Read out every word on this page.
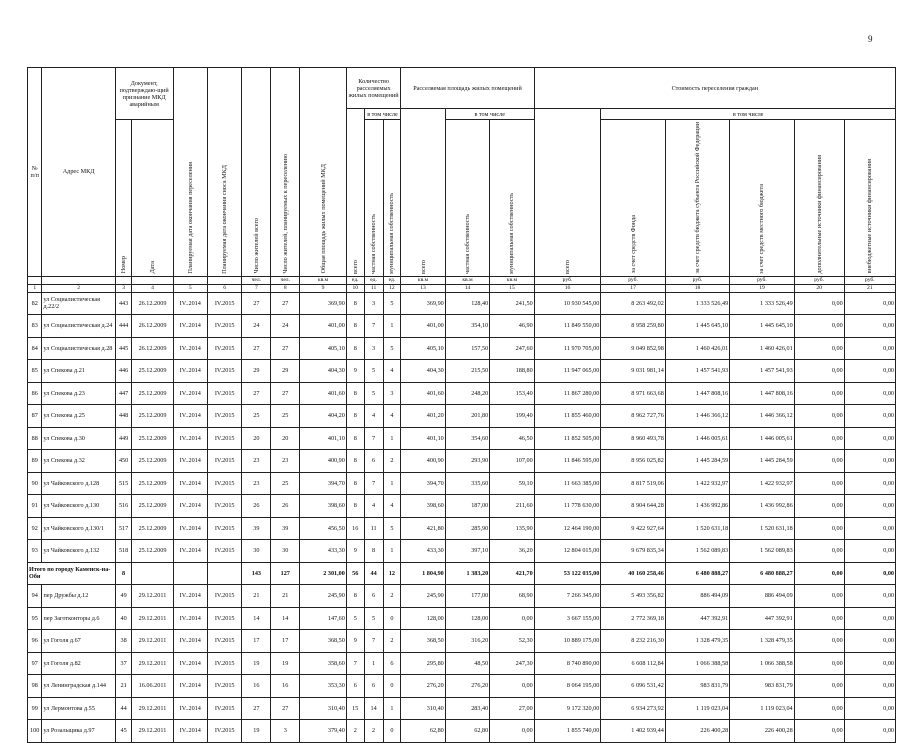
9
№ п/п	Адрес МКД	Документ, подтверждаю-щий признание МКД аварийным		Планируемая дата окончания переселения	Планируемая дата окончания сноса МКД	Число жителей всего	Число жителей, планируемых к переселению	Общая площадь жилых помещений МКД	Количество расселяемых жилых помещений			Расселяемая площадь жилых помещений			Стоимость переселения граждан					

									всего	в том числе		всего	в том числе		всего	в том числе				

		Номер	Дата							частная собственность	муниципальная собственность		частная собственность	муниципальная собственность		за счет средств Фонда	за счет средств бюджета субъекта Российской Федерации	за счет средств местного бюджета	дополнительные источники финансирования	внебюджетные источники финансирования

						чел.	чел.	кв.м	ед.	ед.	ед.	кв.м	кв.м	кв.м	руб.	руб.	руб.	руб.	руб.	руб.
1	2	3	4	5	6	7	8	9	10	11	12	13	14	15	16	17	18	19	20	21
82	ул Социалистическая д.22/2	443	26.12.2009	IV..2014	IV.2015	27	27	369,90	8	3	5	369,90	128,40	241,50	10 930 545,00	8 263 492,02	1 333 526,49	1 333 526,49	0,00	0,00
83	ул Социалистическая д.24	444	26.12.2009	IV..2014	IV.2015	24	24	401,00	8	7	1	401,00	354,10	46,90	11 849 550,00	8 958 259,80	1 445 645,10	1 445 645,10	0,00	0,00
84	ул Социалистическая д.28	445	26.12.2009	IV..2014	IV.2015	27	27	405,10	8	3	5	405,10	157,50	247,60	11 970 705,00	9 049 852,98	1 460 426,01	1 460 426,01	0,00	0,00
85	ул Спекова д.21	446	25.12.2009	IV..2014	IV.2015	29	29	404,30	9	5	4	404,30	215,50	188,80	11 947 065,00	9 031 981,14	1 457 541,93	1 457 541,93	0,00	0,00
86	ул Спекова д.23	447	25.12.2009	IV..2014	IV.2015	27	27	401,60	8	5	3	401,60	248,20	153,40	11 867 280,00	8 971 663,68	1 447 808,16	1 447 808,16	0,00	0,00
87	ул Спекова д.25	448	25.12.2009	IV..2014	IV.2015	25	25	404,20	8	4	4	401,20	201,80	199,40	11 855 460,00	8 962 727,76	1 446 366,12	1 446 366,12	0,00	0,00
88	ул Спекова д.30	449	25.12.2009	IV..2014	IV.2015	20	20	401,10	8	7	1	401,10	354,60	46,50	11 852 505,00	8 960 493,78	1 446 005,61	1 446 005,61	0,00	0,00
89	ул Спекова д.32	450	25.12.2009	IV..2014	IV.2015	23	23	400,90	8	6	2	400,90	293,90	107,00	11 846 595,00	8 956 025,82	1 445 284,59	1 445 284,59	0,00	0,00
90	ул Чайковского д.128	515	25.12.2009	IV..2014	IV.2015	23	25	394,70	8	7	1	394,70	335,60	59,10	11 663 385,00	8 817 519,06	1 422 932,97	1 422 932,97	0,00	0,00
91	ул Чайковского д.130	516	25.12.2009	IV..2014	IV.2015	26	26	398,60	8	4	4	398,60	187,00	211,60	11 778 630,00	8 904 644,28	1 436 992,86	1 436 992,86	0,00	0,00
92	ул Чайковского д.130/1	517	25.12.2009	IV..2014	IV.2015	39	39	456,50	16	11	5	421,80	285,90	135,90	12 464 190,00	9 422 927,64	1 520 631,18	1 520 631,18	0,00	0,00
93	ул Чайковского д.132	518	25.12.2009	IV..2014	IV.2015	30	30	433,30	9	8	1	433,30	397,10	36,20	12 804 015,00	9 679 835,34	1 562 089,83	1 562 089,83	0,00	0,00
Итого по городу Каменск-на-Оби		8				143	127	2 301,00	56	44	12	1 804,90	1 383,20	421,70	53 122 035,00	40 160 258,46	6 480 888,27	6 480 888,27	0,00	0,00
94	пер Дружбы д.12	49	29.12.2011	IV..2014	IV.2015	21	21	245,90	8	6	2	245,90	177,00	68,90	7 266 345,00	5 493 356,82	886 494,09	886 494,09	0,00	0,00
95	пер Заготконторы д.6	40	29.12.2011	IV..2014	IV.2015	14	14	147,60	5	5	0	128,00	128,00	0,00	3 667 155,00	2 772 369,18	447 392,91	447 392,91	0,00	0,00
96	ул Гоголя д.67	38	29.12.2011	IV..2014	IV.2015	17	17	368,50	9	7	2	368,50	316,20	52,30	10 889 175,00	8 232 216,30	1 328 479,35	1 328 479,35	0,00	0,00
97	ул Гоголя д.82	37	29.12.2011	IV..2014	IV.2015	19	19	358,60	7	1	6	295,80	48,50	247,30	8 740 890,00	6 608 112,84	1 066 388,58	1 066 388,58	0,00	0,00
98	ул Ленинградская д.144	21	16.06.2011	IV..2014	IV.2015	16	16	353,30	6	6	0	276,20	276,20	0,00	8 064 195,00	6 096 531,42	983 831,79	983 831,79	0,00	0,00
99	ул Лермонтова д.55	44	29.12.2011	IV..2014	IV.2015	27	27	310,40	15	14	1	310,40	283,40	27,00	9 172 320,00	6 934 273,92	1 119 023,04	1 119 023,04	0,00	0,00
100	ул Розальщика д.97	45	29.12.2011	IV..2014	IV.2015	19	3	379,40	2	2	0	62,80	62,80	0,00	1 855 740,00	1 402 939,44	226 400,28	226 400,28	0,00	0,00
